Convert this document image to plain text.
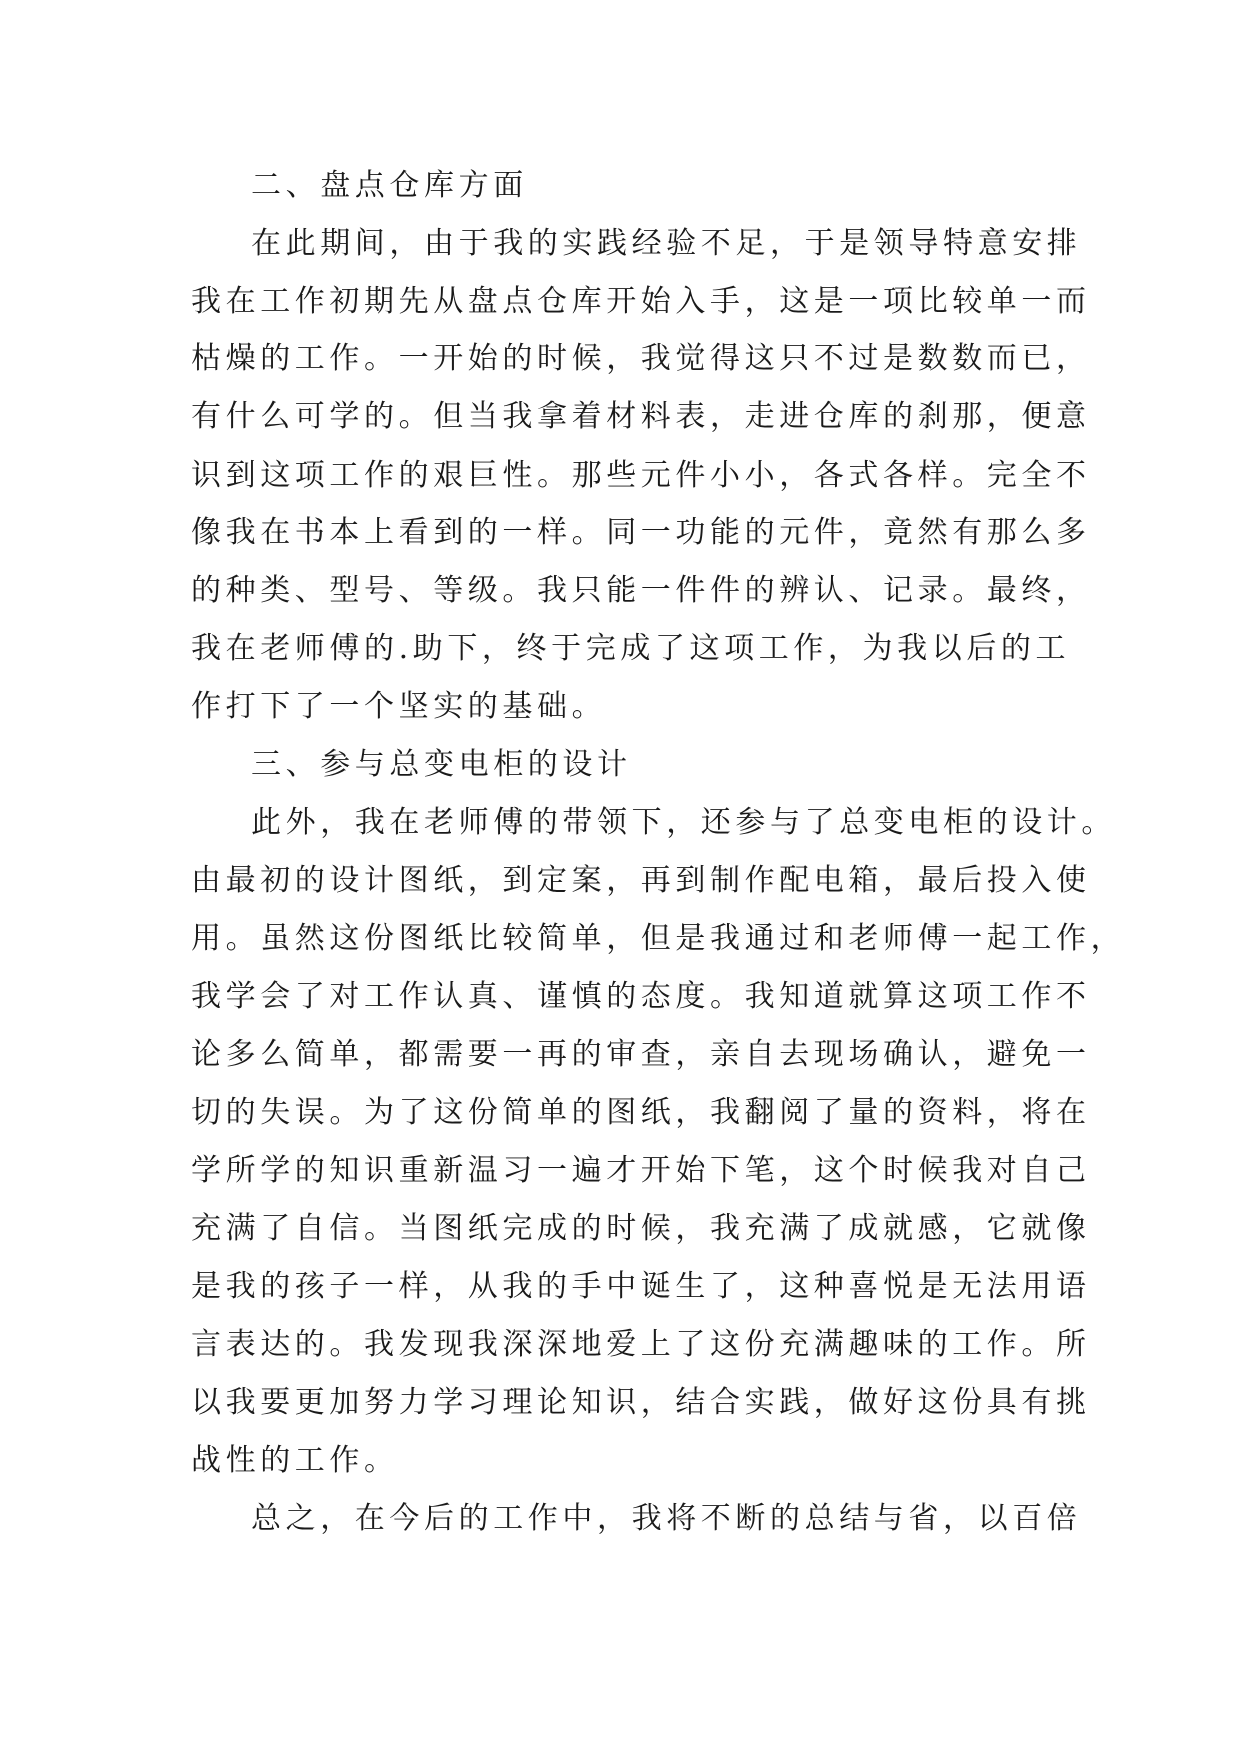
二、盘点仓库方面
在此期间，由于我的实践经验不足，于是领导特意安排
我在工作初期先从盘点仓库开始入手，这是一项比较单一而
枯燥的工作。一开始的时候，我觉得这只不过是数数而已，
有什么可学的。但当我拿着材料表，走进仓库的刹那，便意
识到这项工作的艰巨性。那些元件小小，各式各样。完全不
像我在书本上看到的一样。同一功能的元件，竟然有那么多
的种类、型号、等级。我只能一件件的辨认、记录。最终，
我在老师傅的.助下，终于完成了这项工作，为我以后的工
作打下了一个坚实的基础。
三、参与总变电柜的设计
此外，我在老师傅的带领下，还参与了总变电柜的设计。
由最初的设计图纸，到定案，再到制作配电箱，最后投入使
用。虽然这份图纸比较简单，但是我通过和老师傅一起工作，
我学会了对工作认真、谨慎的态度。我知道就算这项工作不
论多么简单，都需要一再的审查，亲自去现场确认，避免一
切的失误。为了这份简单的图纸，我翻阅了量的资料，将在
学所学的知识重新温习一遍才开始下笔，这个时候我对自己
充满了自信。当图纸完成的时候，我充满了成就感，它就像
是我的孩子一样，从我的手中诞生了，这种喜悦是无法用语
言表达的。我发现我深深地爱上了这份充满趣味的工作。所
以我要更加努力学习理论知识，结合实践，做好这份具有挑
战性的工作。
总之，在今后的工作中，我将不断的总结与省，以百倍
